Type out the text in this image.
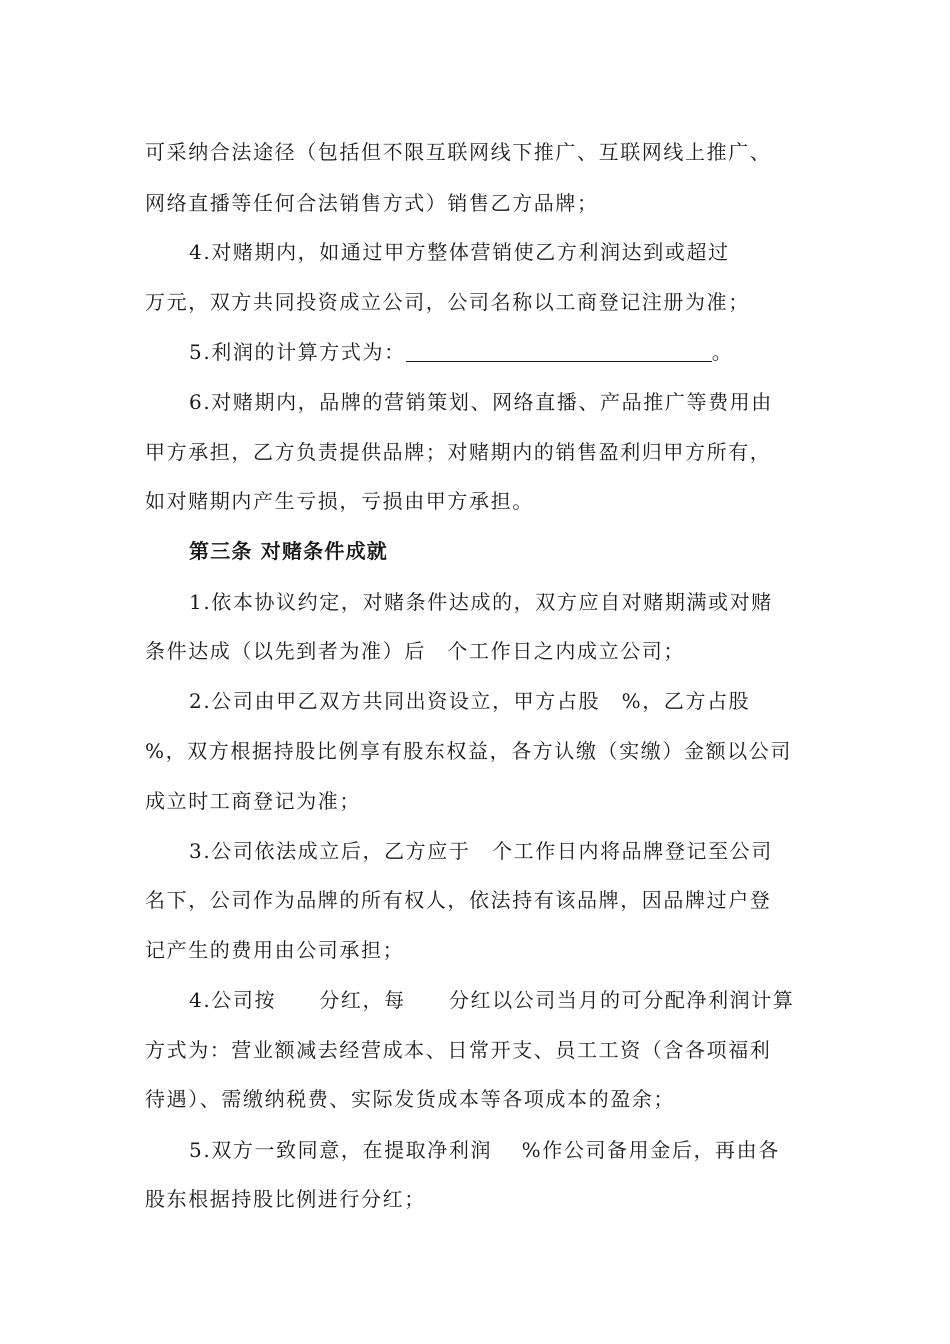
可采纳合法途径（包括但不限互联网线下推广、互联网线上推广、
网络直播等任何合法销售方式）销售乙方品牌；
4.对赌期内，如通过甲方整体营销使乙方利润达到或超过
万元，双方共同投资成立公司，公司名称以工商登记注册为准；
5.利润的计算方式为：	。
6.对赌期内，品牌的营销策划、网络直播、产品推广等费用由
甲方承担，乙方负责提供品牌；对赌期内的销售盈利归甲方所有，
如对赌期内产生亏损，亏损由甲方承担。
第三条 对赌条件成就
1.依本协议约定，对赌条件达成的，双方应自对赌期满或对赌
条件达成（以先到者为准）后　个工作日之内成立公司；
2.公司由甲乙双方共同出资设立，甲方占股　%，乙方占股
%，双方根据持股比例享有股东权益，各方认缴（实缴）金额以公司
成立时工商登记为准；
3.公司依法成立后，乙方应于　个工作日内将品牌登记至公司
名下，公司作为品牌的所有权人，依法持有该品牌，因品牌过户登
记产生的费用由公司承担；
4.公司按　　分红，每　　分红以公司当月的可分配净利润计算
方式为：营业额减去经营成本、日常开支、员工工资（含各项福利
待遇）、需缴纳税费、实际发货成本等各项成本的盈余；
5.双方一致同意，在提取净利润　 %作公司备用金后，再由各
股东根据持股比例进行分红；
